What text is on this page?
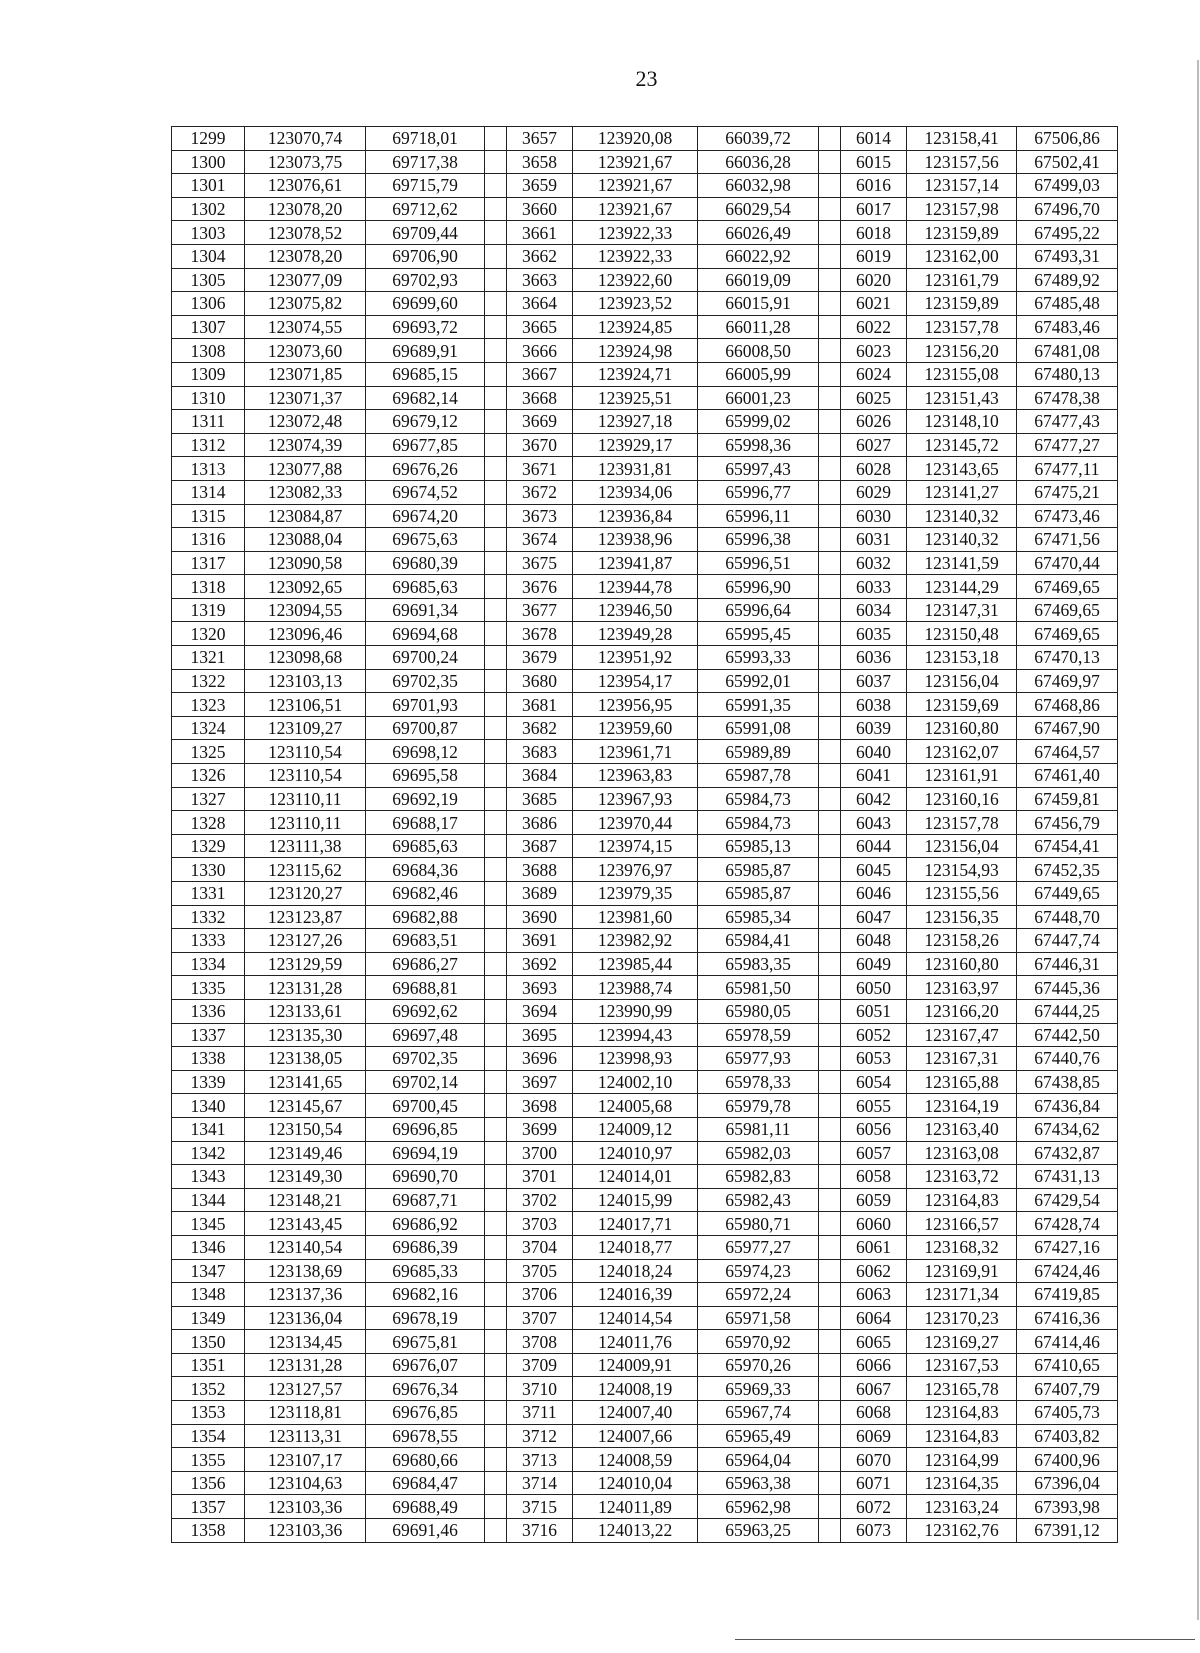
23
1299	123070,74	69718,01		3657	123920,08	66039,72		6014	123158,41	67506,86
1300	123073,75	69717,38		3658	123921,67	66036,28		6015	123157,56	67502,41
1301	123076,61	69715,79		3659	123921,67	66032,98		6016	123157,14	67499,03
1302	123078,20	69712,62		3660	123921,67	66029,54		6017	123157,98	67496,70
1303	123078,52	69709,44		3661	123922,33	66026,49		6018	123159,89	67495,22
1304	123078,20	69706,90		3662	123922,33	66022,92		6019	123162,00	67493,31
1305	123077,09	69702,93		3663	123922,60	66019,09		6020	123161,79	67489,92
1306	123075,82	69699,60		3664	123923,52	66015,91		6021	123159,89	67485,48
1307	123074,55	69693,72		3665	123924,85	66011,28		6022	123157,78	67483,46
1308	123073,60	69689,91		3666	123924,98	66008,50		6023	123156,20	67481,08
1309	123071,85	69685,15		3667	123924,71	66005,99		6024	123155,08	67480,13
1310	123071,37	69682,14		3668	123925,51	66001,23		6025	123151,43	67478,38
1311	123072,48	69679,12		3669	123927,18	65999,02		6026	123148,10	67477,43
1312	123074,39	69677,85		3670	123929,17	65998,36		6027	123145,72	67477,27
1313	123077,88	69676,26		3671	123931,81	65997,43		6028	123143,65	67477,11
1314	123082,33	69674,52		3672	123934,06	65996,77		6029	123141,27	67475,21
1315	123084,87	69674,20		3673	123936,84	65996,11		6030	123140,32	67473,46
1316	123088,04	69675,63		3674	123938,96	65996,38		6031	123140,32	67471,56
1317	123090,58	69680,39		3675	123941,87	65996,51		6032	123141,59	67470,44
1318	123092,65	69685,63		3676	123944,78	65996,90		6033	123144,29	67469,65
1319	123094,55	69691,34		3677	123946,50	65996,64		6034	123147,31	67469,65
1320	123096,46	69694,68		3678	123949,28	65995,45		6035	123150,48	67469,65
1321	123098,68	69700,24		3679	123951,92	65993,33		6036	123153,18	67470,13
1322	123103,13	69702,35		3680	123954,17	65992,01		6037	123156,04	67469,97
1323	123106,51	69701,93		3681	123956,95	65991,35		6038	123159,69	67468,86
1324	123109,27	69700,87		3682	123959,60	65991,08		6039	123160,80	67467,90
1325	123110,54	69698,12		3683	123961,71	65989,89		6040	123162,07	67464,57
1326	123110,54	69695,58		3684	123963,83	65987,78		6041	123161,91	67461,40
1327	123110,11	69692,19		3685	123967,93	65984,73		6042	123160,16	67459,81
1328	123110,11	69688,17		3686	123970,44	65984,73		6043	123157,78	67456,79
1329	123111,38	69685,63		3687	123974,15	65985,13		6044	123156,04	67454,41
1330	123115,62	69684,36		3688	123976,97	65985,87		6045	123154,93	67452,35
1331	123120,27	69682,46		3689	123979,35	65985,87		6046	123155,56	67449,65
1332	123123,87	69682,88		3690	123981,60	65985,34		6047	123156,35	67448,70
1333	123127,26	69683,51		3691	123982,92	65984,41		6048	123158,26	67447,74
1334	123129,59	69686,27		3692	123985,44	65983,35		6049	123160,80	67446,31
1335	123131,28	69688,81		3693	123988,74	65981,50		6050	123163,97	67445,36
1336	123133,61	69692,62		3694	123990,99	65980,05		6051	123166,20	67444,25
1337	123135,30	69697,48		3695	123994,43	65978,59		6052	123167,47	67442,50
1338	123138,05	69702,35		3696	123998,93	65977,93		6053	123167,31	67440,76
1339	123141,65	69702,14		3697	124002,10	65978,33		6054	123165,88	67438,85
1340	123145,67	69700,45		3698	124005,68	65979,78		6055	123164,19	67436,84
1341	123150,54	69696,85		3699	124009,12	65981,11		6056	123163,40	67434,62
1342	123149,46	69694,19		3700	124010,97	65982,03		6057	123163,08	67432,87
1343	123149,30	69690,70		3701	124014,01	65982,83		6058	123163,72	67431,13
1344	123148,21	69687,71		3702	124015,99	65982,43		6059	123164,83	67429,54
1345	123143,45	69686,92		3703	124017,71	65980,71		6060	123166,57	67428,74
1346	123140,54	69686,39		3704	124018,77	65977,27		6061	123168,32	67427,16
1347	123138,69	69685,33		3705	124018,24	65974,23		6062	123169,91	67424,46
1348	123137,36	69682,16		3706	124016,39	65972,24		6063	123171,34	67419,85
1349	123136,04	69678,19		3707	124014,54	65971,58		6064	123170,23	67416,36
1350	123134,45	69675,81		3708	124011,76	65970,92		6065	123169,27	67414,46
1351	123131,28	69676,07		3709	124009,91	65970,26		6066	123167,53	67410,65
1352	123127,57	69676,34		3710	124008,19	65969,33		6067	123165,78	67407,79
1353	123118,81	69676,85		3711	124007,40	65967,74		6068	123164,83	67405,73
1354	123113,31	69678,55		3712	124007,66	65965,49		6069	123164,83	67403,82
1355	123107,17	69680,66		3713	124008,59	65964,04		6070	123164,99	67400,96
1356	123104,63	69684,47		3714	124010,04	65963,38		6071	123164,35	67396,04
1357	123103,36	69688,49		3715	124011,89	65962,98		6072	123163,24	67393,98
1358	123103,36	69691,46		3716	124013,22	65963,25		6073	123162,76	67391,12
